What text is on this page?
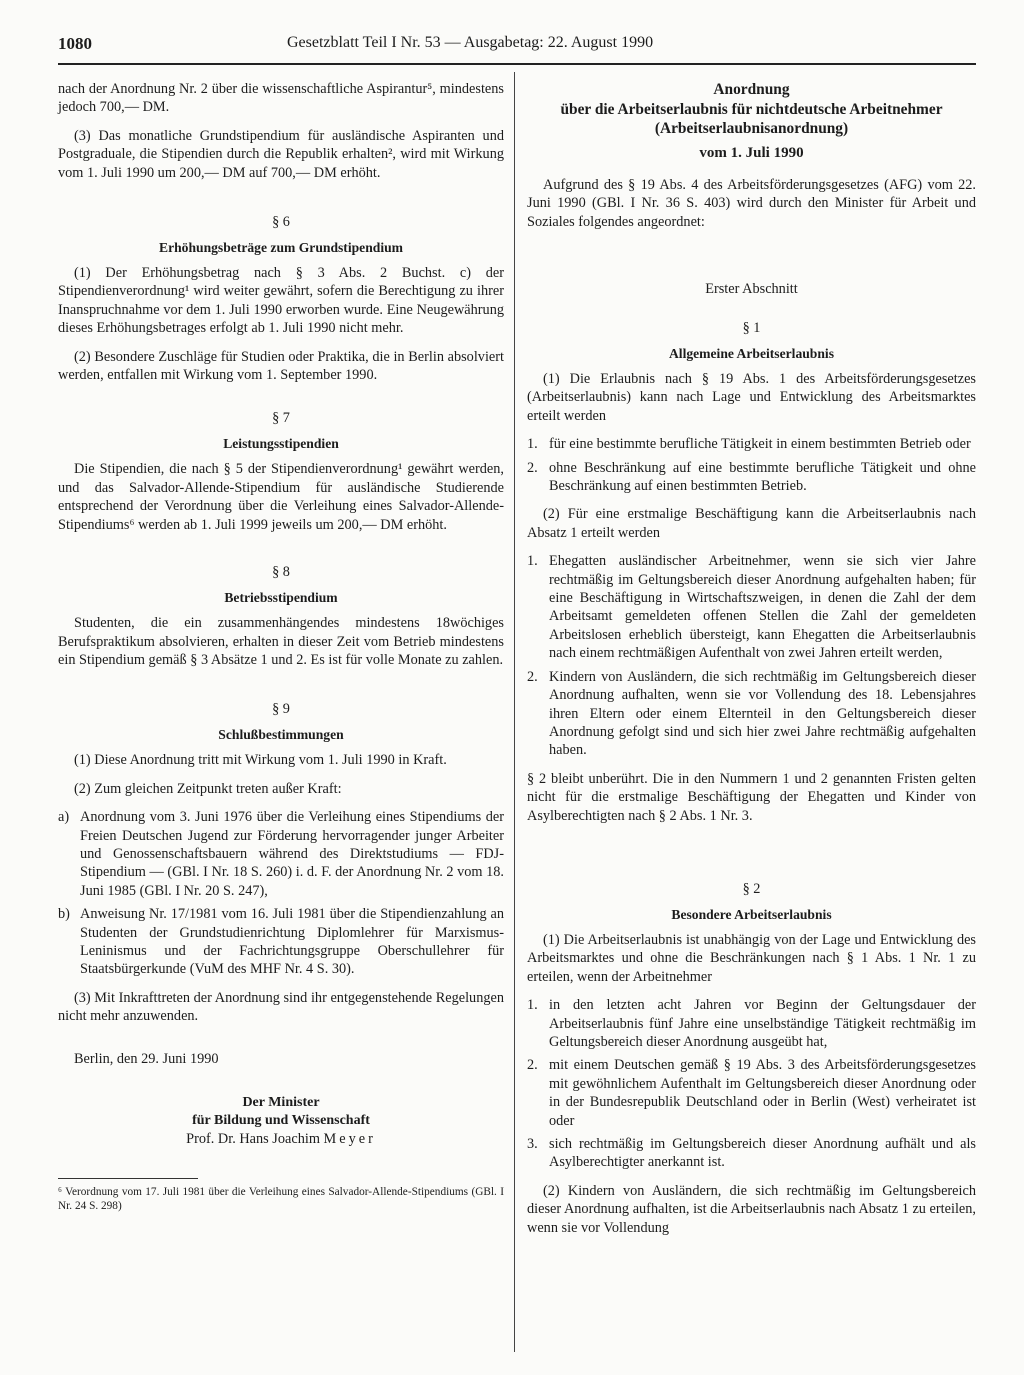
1080	Gesetzblatt Teil I Nr. 53 — Ausgabetag: 22. August 1990

nach der Anordnung Nr. 2 über die wissenschaftliche Aspirantur⁵, mindestens jedoch 700,— DM.

(3) Das monatliche Grundstipendium für ausländische Aspiranten und Postgraduale, die Stipendien durch die Republik erhalten², wird mit Wirkung vom 1. Juli 1990 um 200,— DM auf 700,— DM erhöht.

§ 6
Erhöhungsbeträge zum Grundstipendium

(1) Der Erhöhungsbetrag nach § 3 Abs. 2 Buchst. c) der Stipendienverordnung¹ wird weiter gewährt, sofern die Berechtigung zu ihrer Inanspruchnahme vor dem 1. Juli 1990 erworben wurde. Eine Neugewährung dieses Erhöhungsbetrages erfolgt ab 1. Juli 1990 nicht mehr.

(2) Besondere Zuschläge für Studien oder Praktika, die in Berlin absolviert werden, entfallen mit Wirkung vom 1. September 1990.

§ 7
Leistungsstipendien

Die Stipendien, die nach § 5 der Stipendienverordnung¹ gewährt werden, und das Salvador-Allende-Stipendium für ausländische Studierende entsprechend der Verordnung über die Verleihung eines Salvador-Allende-Stipendiums⁶ werden ab 1. Juli 1999 jeweils um 200,— DM erhöht.

§ 8
Betriebsstipendium

Studenten, die ein zusammenhängendes mindestens 18wöchiges Berufspraktikum absolvieren, erhalten in dieser Zeit vom Betrieb mindestens ein Stipendium gemäß § 3 Absätze 1 und 2. Es ist für volle Monate zu zahlen.

§ 9
Schlußbestimmungen

(1) Diese Anordnung tritt mit Wirkung vom 1. Juli 1990 in Kraft.

(2) Zum gleichen Zeitpunkt treten außer Kraft:

a) Anordnung vom 3. Juni 1976 über die Verleihung eines Stipendiums der Freien Deutschen Jugend zur Förderung hervorragender junger Arbeiter und Genossenschaftsbauern während des Direktstudiums — FDJ-Stipendium — (GBl. I Nr. 18 S. 260) i. d. F. der Anordnung Nr. 2 vom 18. Juni 1985 (GBl. I Nr. 20 S. 247),
b) Anweisung Nr. 17/1981 vom 16. Juli 1981 über die Stipendienzahlung an Studenten der Grundstudienrichtung Diplomlehrer für Marxismus-Leninismus und der Fachrichtungsgruppe Oberschullehrer für Staatsbürgerkunde (VuM des MHF Nr. 4 S. 30).

(3) Mit Inkrafttreten der Anordnung sind ihr entgegenstehende Regelungen nicht mehr anzuwenden.

Berlin, den 29. Juni 1990

Der Minister
für Bildung und Wissenschaft
Prof. Dr. Hans Joachim Meyer

⁶ Verordnung vom 17. Juli 1981 über die Verleihung eines Salvador-Allende-Stipendiums (GBl. I Nr. 24 S. 298)

Anordnung
über die Arbeitserlaubnis für nichtdeutsche Arbeitnehmer
(Arbeitserlaubnisanordnung)
vom 1. Juli 1990

Aufgrund des § 19 Abs. 4 des Arbeitsförderungsgesetzes (AFG) vom 22. Juni 1990 (GBl. I Nr. 36 S. 403) wird durch den Minister für Arbeit und Soziales folgendes angeordnet:

Erster Abschnitt
§ 1
Allgemeine Arbeitserlaubnis

(1) Die Erlaubnis nach § 19 Abs. 1 des Arbeitsförderungsgesetzes (Arbeitserlaubnis) kann nach Lage und Entwicklung des Arbeitsmarktes erteilt werden

1. für eine bestimmte berufliche Tätigkeit in einem bestimmten Betrieb oder
2. ohne Beschränkung auf eine bestimmte berufliche Tätigkeit und ohne Beschränkung auf einen bestimmten Betrieb.

(2) Für eine erstmalige Beschäftigung kann die Arbeitserlaubnis nach Absatz 1 erteilt werden

1. Ehegatten ausländischer Arbeitnehmer, wenn sie sich vier Jahre rechtmäßig im Geltungsbereich dieser Anordnung aufgehalten haben; für eine Beschäftigung in Wirtschaftszweigen, in denen die Zahl der dem Arbeitsamt gemeldeten offenen Stellen die Zahl der gemeldeten Arbeitslosen erheblich übersteigt, kann Ehegatten die Arbeitserlaubnis nach einem rechtmäßigen Aufenthalt von zwei Jahren erteilt werden,
2. Kindern von Ausländern, die sich rechtmäßig im Geltungsbereich dieser Anordnung aufhalten, wenn sie vor Vollendung des 18. Lebensjahres ihren Eltern oder einem Elternteil in den Geltungsbereich dieser Anordnung gefolgt sind und sich hier zwei Jahre rechtmäßig aufgehalten haben.

§ 2 bleibt unberührt. Die in den Nummern 1 und 2 genannten Fristen gelten nicht für die erstmalige Beschäftigung der Ehegatten und Kinder von Asylberechtigten nach § 2 Abs. 1 Nr. 3.

§ 2
Besondere Arbeitserlaubnis

(1) Die Arbeitserlaubnis ist unabhängig von der Lage und Entwicklung des Arbeitsmarktes und ohne die Beschränkungen nach § 1 Abs. 1 Nr. 1 zu erteilen, wenn der Arbeitnehmer

1. in den letzten acht Jahren vor Beginn der Geltungsdauer der Arbeitserlaubnis fünf Jahre eine unselbständige Tätigkeit rechtmäßig im Geltungsbereich dieser Anordnung ausgeübt hat,
2. mit einem Deutschen gemäß § 19 Abs. 3 des Arbeitsförderungsgesetzes mit gewöhnlichem Aufenthalt im Geltungsbereich dieser Anordnung oder in der Bundesrepublik Deutschland oder in Berlin (West) verheiratet ist oder
3. sich rechtmäßig im Geltungsbereich dieser Anordnung aufhält und als Asylberechtigter anerkannt ist.

(2) Kindern von Ausländern, die sich rechtmäßig im Geltungsbereich dieser Anordnung aufhalten, ist die Arbeitserlaubnis nach Absatz 1 zu erteilen, wenn sie vor Vollendung
